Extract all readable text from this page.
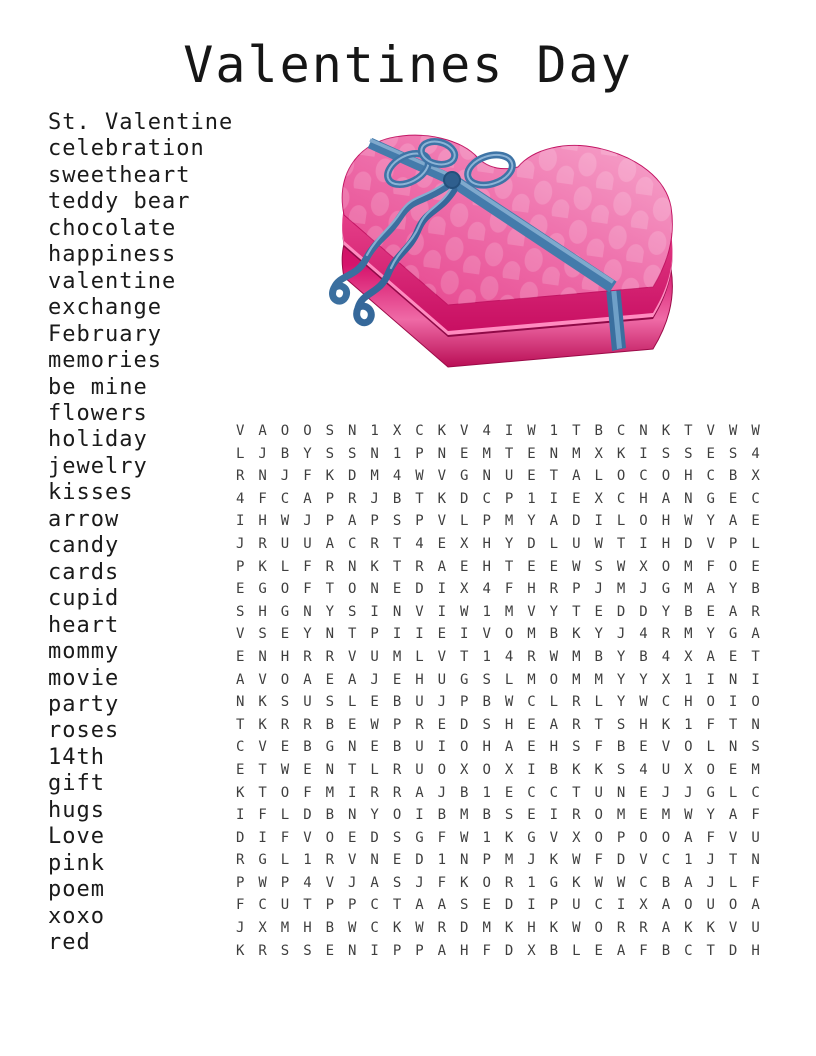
Valentines Day
St. Valentine
celebration
sweetheart
teddy bear
chocolate
happiness
valentine
exchange
February
memories
be mine
flowers
holiday
jewelry
kisses
arrow
candy
cards
cupid
heart
mommy
movie
party
roses
14th
gift
hugs
Love
pink
poem
xoxo
red
V A O O S N 1 X C K V 4 I W 1 T B C N K T V W W
L J B Y S S N 1 P N E M T E N M X K I S S E S 4
R N J F K D M 4 W V G N U E T A L O C O H C B X
4 F C A P R J B T K D C P 1 I E X C H A N G E C
I H W J P A P S P V L P M Y A D I L O H W Y A E
J R U U A C R T 4 E X H Y D L U W T I H D V P L
P K L F R N K T R A E H T E E W S W X O M F O E
E G O F T O N E D I X 4 F H R P J M J G M A Y B
S H G N Y S I N V I W 1 M V Y T E D D Y B E A R
V S E Y N T P I I E I V O M B K Y J 4 R M Y G A
E N H R R V U M L V T 1 4 R W M B Y B 4 X A E T
A V O A E A J E H U G S L M O M M Y Y X 1 I N I
N K S U S L E B U J P B W C L R L Y W C H O I O
T K R R B E W P R E D S H E A R T S H K 1 F T N
C V E B G N E B U I O H A E H S F B E V O L N S
E T W E N T L R U O X O X I B K K S 4 U X O E M
K T O F M I R R A J B 1 E C C T U N E J J G L C
I F L D B N Y O I B M B S E I R O M E M W Y A F
D I F V O E D S G F W 1 K G V X O P O O A F V U
R G L 1 R V N E D 1 N P M J K W F D V C 1 J T N
P W P 4 V J A S J F K O R 1 G K W W C B A J L F
F C U T P P C T A A S E D I P U C I X A O U O A
J X M H B W C K W R D M K H K W O R R A K K V U
K R S S E N I P P A H F D X B L E A F B C T D H
